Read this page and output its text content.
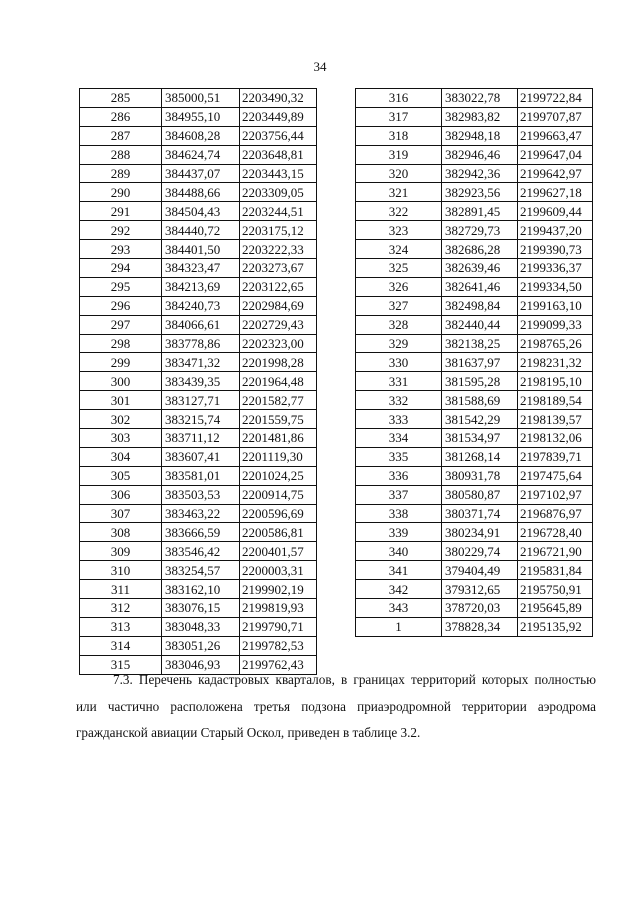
34
285	385000,51	2203490,32
286	384955,10	2203449,89
287	384608,28	2203756,44
288	384624,74	2203648,81
289	384437,07	2203443,15
290	384488,66	2203309,05
291	384504,43	2203244,51
292	384440,72	2203175,12
293	384401,50	2203222,33
294	384323,47	2203273,67
295	384213,69	2203122,65
296	384240,73	2202984,69
297	384066,61	2202729,43
298	383778,86	2202323,00
299	383471,32	2201998,28
300	383439,35	2201964,48
301	383127,71	2201582,77
302	383215,74	2201559,75
303	383711,12	2201481,86
304	383607,41	2201119,30
305	383581,01	2201024,25
306	383503,53	2200914,75
307	383463,22	2200596,69
308	383666,59	2200586,81
309	383546,42	2200401,57
310	383254,57	2200003,31
311	383162,10	2199902,19
312	383076,15	2199819,93
313	383048,33	2199790,71
314	383051,26	2199782,53
315	383046,93	2199762,43
316	383022,78	2199722,84
317	382983,82	2199707,87
318	382948,18	2199663,47
319	382946,46	2199647,04
320	382942,36	2199642,97
321	382923,56	2199627,18
322	382891,45	2199609,44
323	382729,73	2199437,20
324	382686,28	2199390,73
325	382639,46	2199336,37
326	382641,46	2199334,50
327	382498,84	2199163,10
328	382440,44	2199099,33
329	382138,25	2198765,26
330	381637,97	2198231,32
331	381595,28	2198195,10
332	381588,69	2198189,54
333	381542,29	2198139,57
334	381534,97	2198132,06
335	381268,14	2197839,71
336	380931,78	2197475,64
337	380580,87	2197102,97
338	380371,74	2196876,97
339	380234,91	2196728,40
340	380229,74	2196721,90
341	379404,49	2195831,84
342	379312,65	2195750,91
343	378720,03	2195645,89
1	378828,34	2195135,92
7.3. Перечень кадастровых кварталов, в границах территорий которых полностью или частично расположена третья подзона приаэродромной территории аэродрома гражданской авиации Старый Оскол, приведен в таблице 3.2.
